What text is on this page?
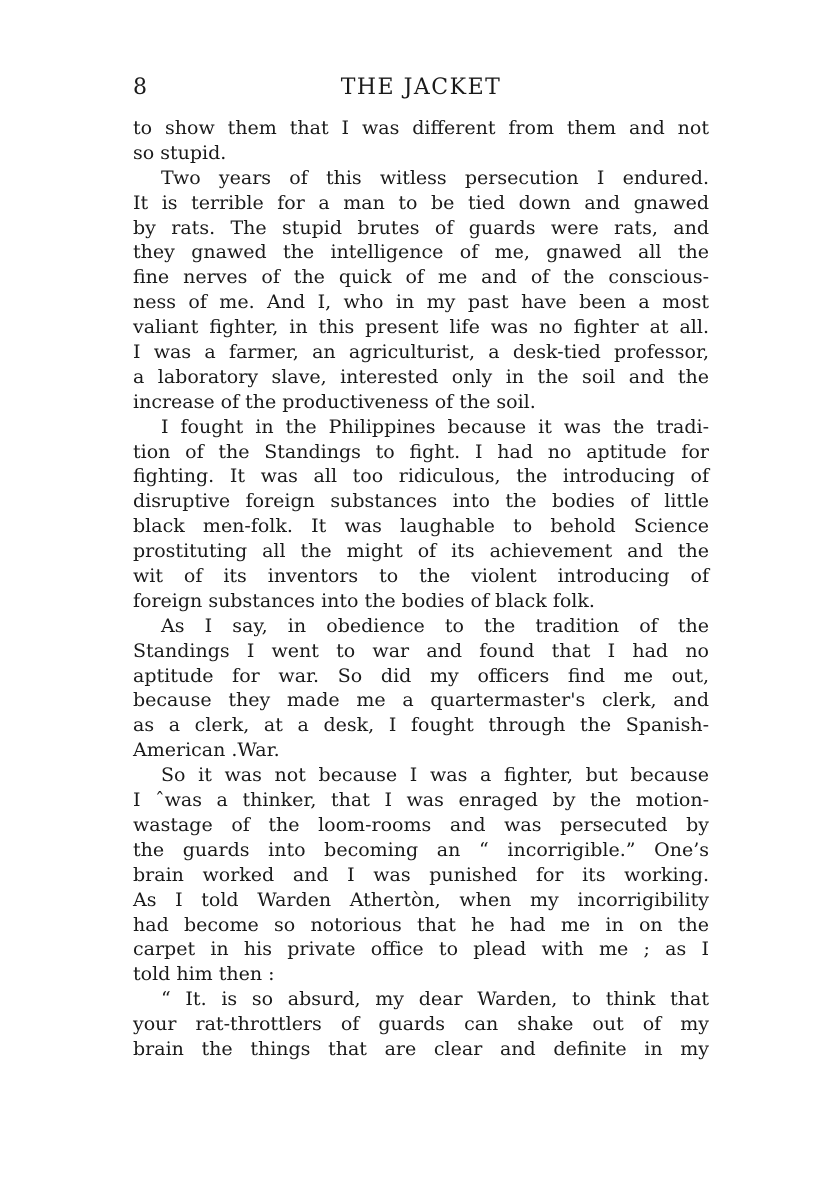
8	THE JACKET
to show them that I was different from them and not
so stupid.
Two years of this witless persecution I endured.
It is terrible for a man to be tied down and gnawed
by rats. The stupid brutes of guards were rats, and
they gnawed the intelligence of me, gnawed all the
fine nerves of the quick of me and of the conscious-
ness of me. And I, who in my past have been a most
valiant fighter, in this present life was no fighter at all.
I was a farmer, an agriculturist, a desk-tied professor,
a laboratory slave, interested only in the soil and the
increase of the productiveness of the soil.
I fought in the Philippines because it was the tradi-
tion of the Standings to fight. I had no aptitude for
fighting. It was all too ridiculous, the introducing of
disruptive foreign substances into the bodies of little
black men-folk. It was laughable to behold Science
prostituting all the might of its achievement and the
wit of its inventors to the violent introducing of
foreign substances into the bodies of black folk.
As I say, in obedience to the tradition of the
Standings I went to war and found that I had no
aptitude for war. So did my officers find me out,
because they made me a quartermaster's clerk, and
as a clerk, at a desk, I fought through the Spanish-
American .War.
So it was not because I was a fighter, but because
I ˆwas a thinker, that I was enraged by the motion-
wastage of the loom-rooms and was persecuted by
the guards into becoming an “ incorrigible.” One’s
brain worked and I was punished for its working.
As I told Warden Athertòn, when my incorrigibility
had become so notorious that he had me in on the
carpet in his private office to plead with me ; as I
told him then :
“ It. is so absurd, my dear Warden, to think that
your rat-throttlers of guards can shake out of my
brain the things that are clear and definite in my
